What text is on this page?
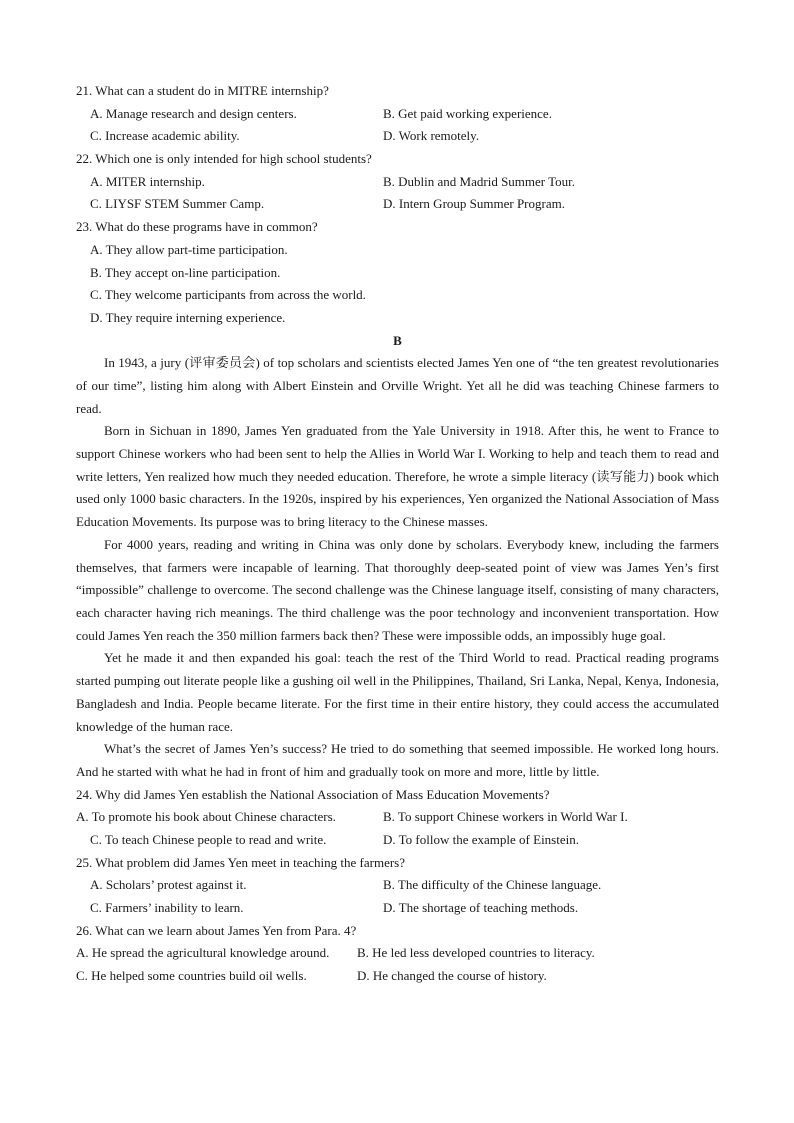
21. What can a student do in MITRE internship?
A. Manage research and design centers.	B. Get paid working experience.
C. Increase academic ability.	D. Work remotely.
22. Which one is only intended for high school students?
A. MITER internship.	B. Dublin and Madrid Summer Tour.
C. LIYSF STEM Summer Camp.	D. Intern Group Summer Program.
23. What do these programs have in common?
A. They allow part-time participation.
B. They accept on-line participation.
C. They welcome participants from across the world.
D. They require interning experience.
B

In 1943, a jury (评审委员会) of top scholars and scientists elected James Yen one of “the ten greatest revolutionaries of our time”, listing him along with Albert Einstein and Orville Wright. Yet all he did was teaching Chinese farmers to read.

Born in Sichuan in 1890, James Yen graduated from the Yale University in 1918. After this, he went to France to support Chinese workers who had been sent to help the Allies in World War I. Working to help and teach them to read and write letters, Yen realized how much they needed education. Therefore, he wrote a simple literacy (读写能力) book which used only 1000 basic characters. In the 1920s, inspired by his experiences, Yen organized the National Association of Mass Education Movements. Its purpose was to bring literacy to the Chinese masses.

For 4000 years, reading and writing in China was only done by scholars. Everybody knew, including the farmers themselves, that farmers were incapable of learning. That thoroughly deep-seated point of view was James Yen’s first “impossible” challenge to overcome. The second challenge was the Chinese language itself, consisting of many characters, each character having rich meanings. The third challenge was the poor technology and inconvenient transportation. How could James Yen reach the 350 million farmers back then? These were impossible odds, an impossibly huge goal.

Yet he made it and then expanded his goal: teach the rest of the Third World to read. Practical reading programs started pumping out literate people like a gushing oil well in the Philippines, Thailand, Sri Lanka, Nepal, Kenya, Indonesia, Bangladesh and India. People became literate. For the first time in their entire history, they could access the accumulated knowledge of the human race.

What’s the secret of James Yen’s success? He tried to do something that seemed impossible. He worked long hours. And he started with what he had in front of him and gradually took on more and more, little by little.

24. Why did James Yen establish the National Association of Mass Education Movements?
A. To promote his book about Chinese characters.	B. To support Chinese workers in World War I.
C. To teach Chinese people to read and write.	D. To follow the example of Einstein.
25. What problem did James Yen meet in teaching the farmers?
A. Scholars’ protest against it.	B. The difficulty of the Chinese language.
C. Farmers’ inability to learn.	D. The shortage of teaching methods.
26. What can we learn about James Yen from Para. 4?
A. He spread the agricultural knowledge around. B. He led less developed countries to literacy.
C. He helped some countries build oil wells.	D. He changed the course of history.
